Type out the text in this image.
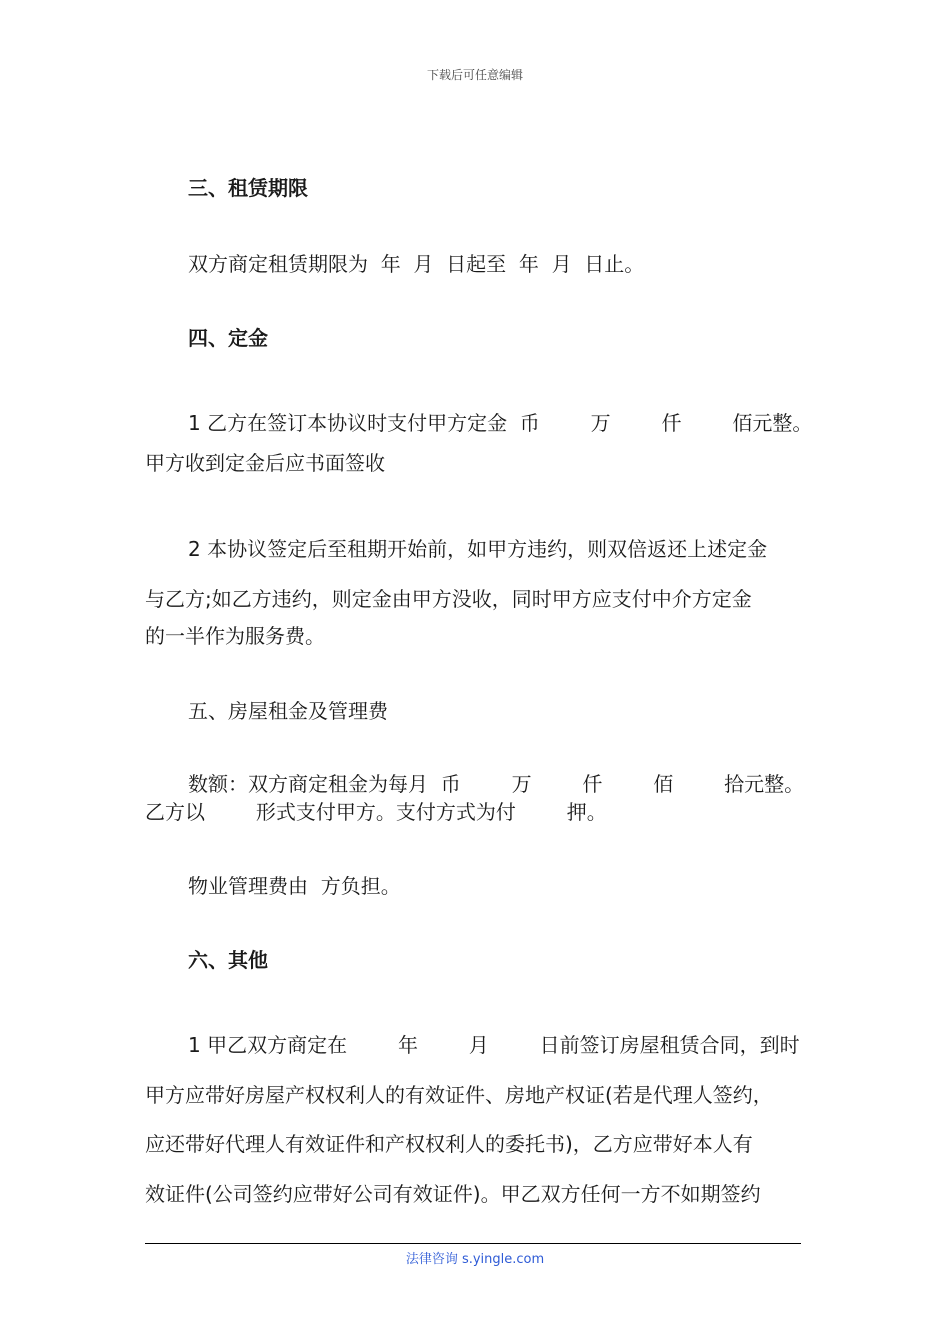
下载后可任意编辑
三、租赁期限
双方商定租赁期限为  年  月  日起至  年  月  日止。
四、定金
1 乙方在签订本协议时支付甲方定金  币        万        仟        佰元整。
甲方收到定金后应书面签收
2 本协议签定后至租期开始前，如甲方违约，则双倍返还上述定金
与乙方;如乙方违约，则定金由甲方没收，同时甲方应支付中介方定金
的一半作为服务费。
五、房屋租金及管理费
数额：双方商定租金为每月  币        万        仟        佰        拾元整。
乙方以        形式支付甲方。支付方式为付        押。
物业管理费由  方负担。
六、其他
1 甲乙双方商定在        年        月        日前签订房屋租赁合同，到时
甲方应带好房屋产权权利人的有效证件、房地产权证(若是代理人签约，
应还带好代理人有效证件和产权权利人的委托书)，乙方应带好本人有
效证件(公司签约应带好公司有效证件)。甲乙双方任何一方不如期签约
法律咨询 s.yingle.com
